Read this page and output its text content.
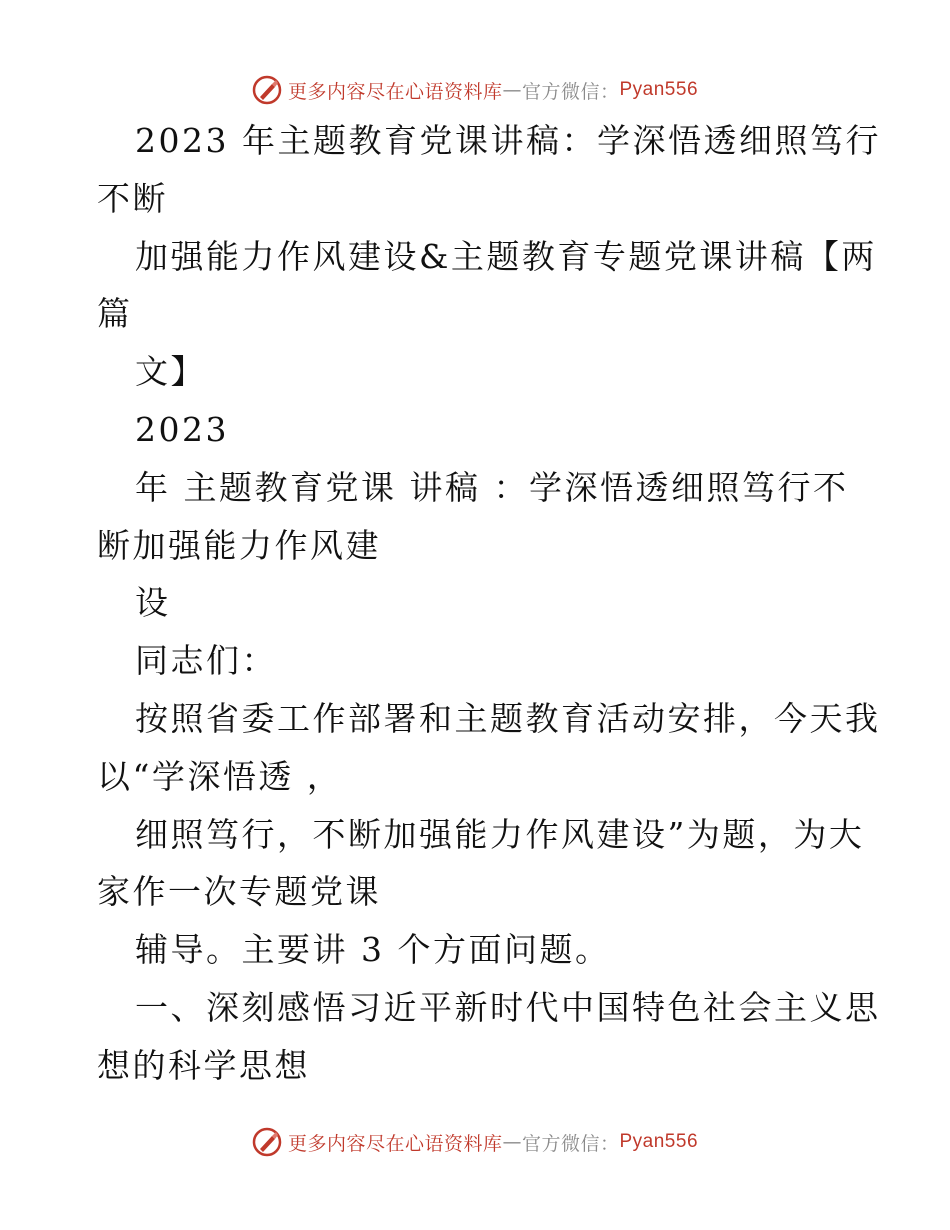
更多内容尽在心语资料库 — 官方微信： Pyan556
2023 年主题教育党课讲稿：学深悟透细照笃行
不断
加强能力作风建设&主题教育专题党课讲稿【两
篇
文】
2023
年 主题教育党课 讲稿 ：学深悟透细照笃行不
断加强能力作风建
设
同志们：
按照省委工作部署和主题教育活动安排，今天我
以“学深悟透 ，
细照笃行，不断加强能力作风建设”为题，为大
家作一次专题党课
辅导。主要讲 3 个方面问题。
一、深刻感悟习近平新时代中国特色社会主义思
想的科学思想
更多内容尽在心语资料库 — 官方微信： Pyan556
